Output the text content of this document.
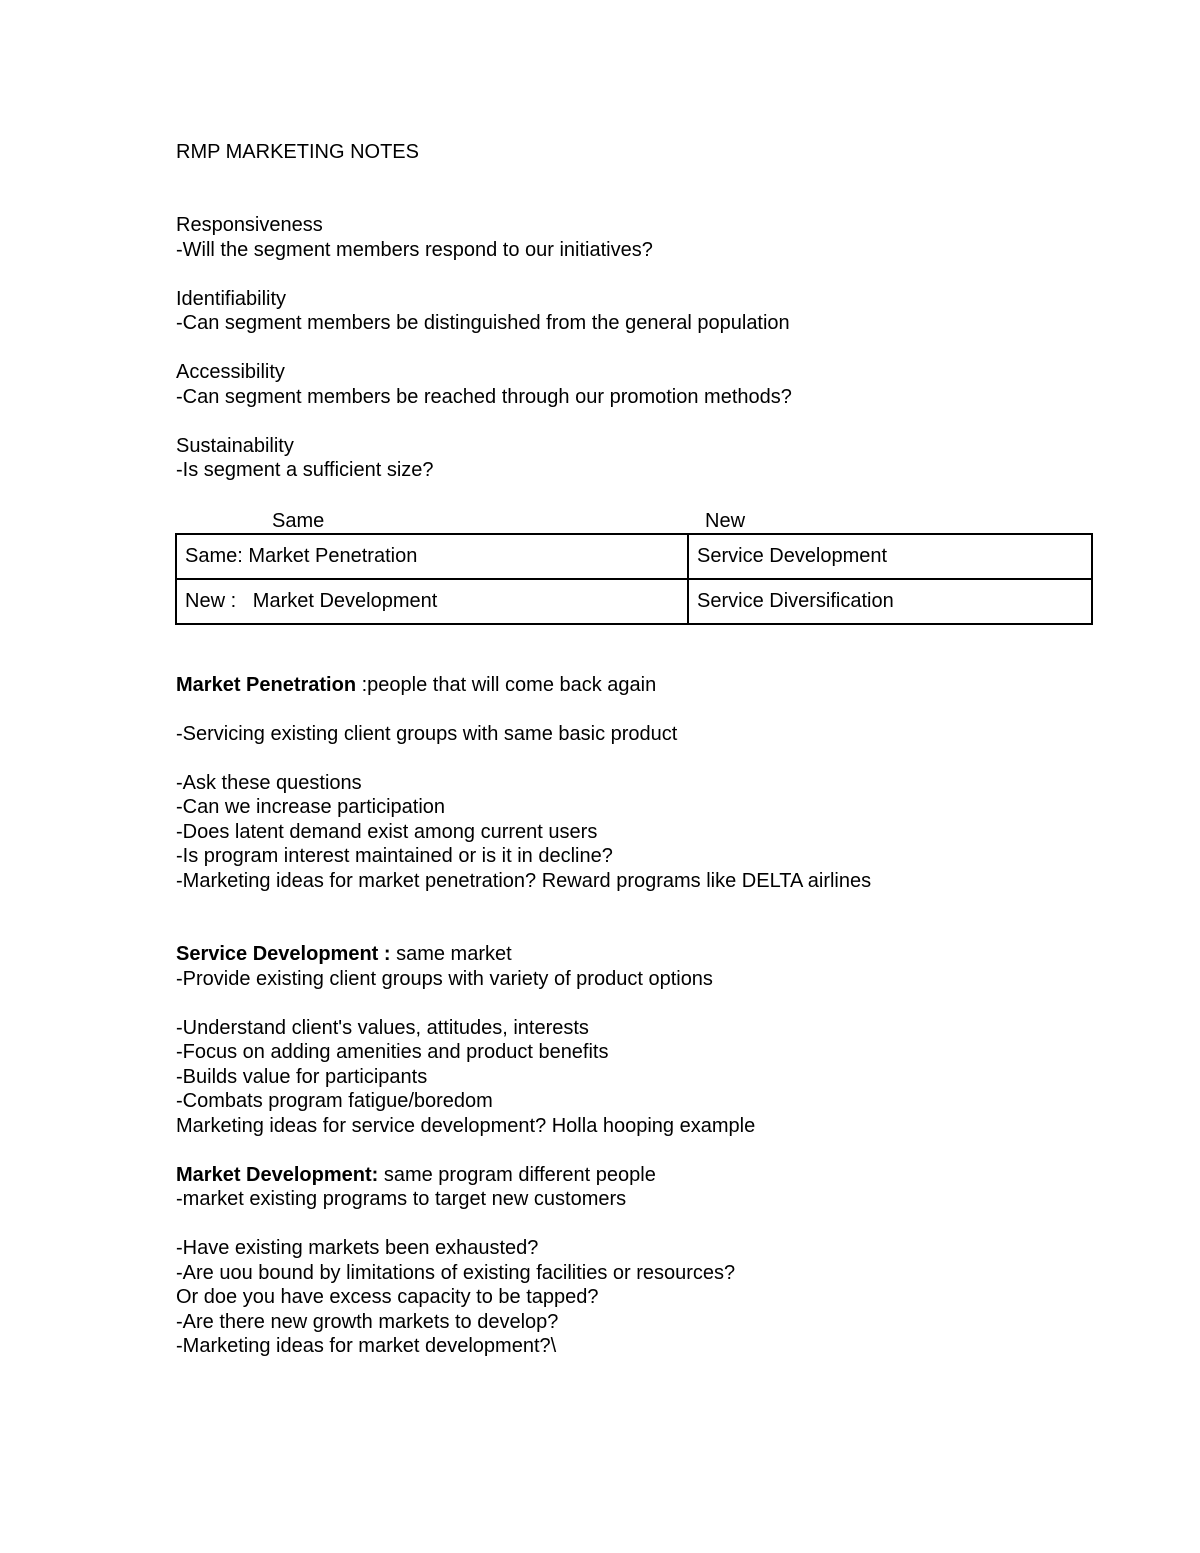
RMP MARKETING NOTES
Responsiveness
-Will the segment members respond to our initiatives?
Identifiability
-Can segment members be distinguished from the general population
Accessibility
-Can segment members be reached through our promotion methods?
Sustainability
-Is segment a sufficient size?
Same	New
Same: Market Penetration	Service Development
New :   Market Development	Service Diversification
Market Penetration :people that will come back again
-Servicing existing client groups with same basic product
-Ask these questions
-Can we increase participation
-Does latent demand exist among current users
-Is program interest maintained or is it in decline?
-Marketing ideas for market penetration? Reward programs like DELTA airlines
Service Development : same market
-Provide existing client groups with variety of product options
-Understand client's values, attitudes, interests
-Focus on adding amenities and product benefits
-Builds value for participants
-Combats program fatigue/boredom
Marketing ideas for service development? Holla hooping example
Market Development: same program different people
-market existing programs to target new customers
-Have existing markets been exhausted?
-Are uou bound by limitations of existing facilities or resources?
Or doe you have excess capacity to be tapped?
-Are there new growth markets to develop?
-Marketing ideas for market development?\
